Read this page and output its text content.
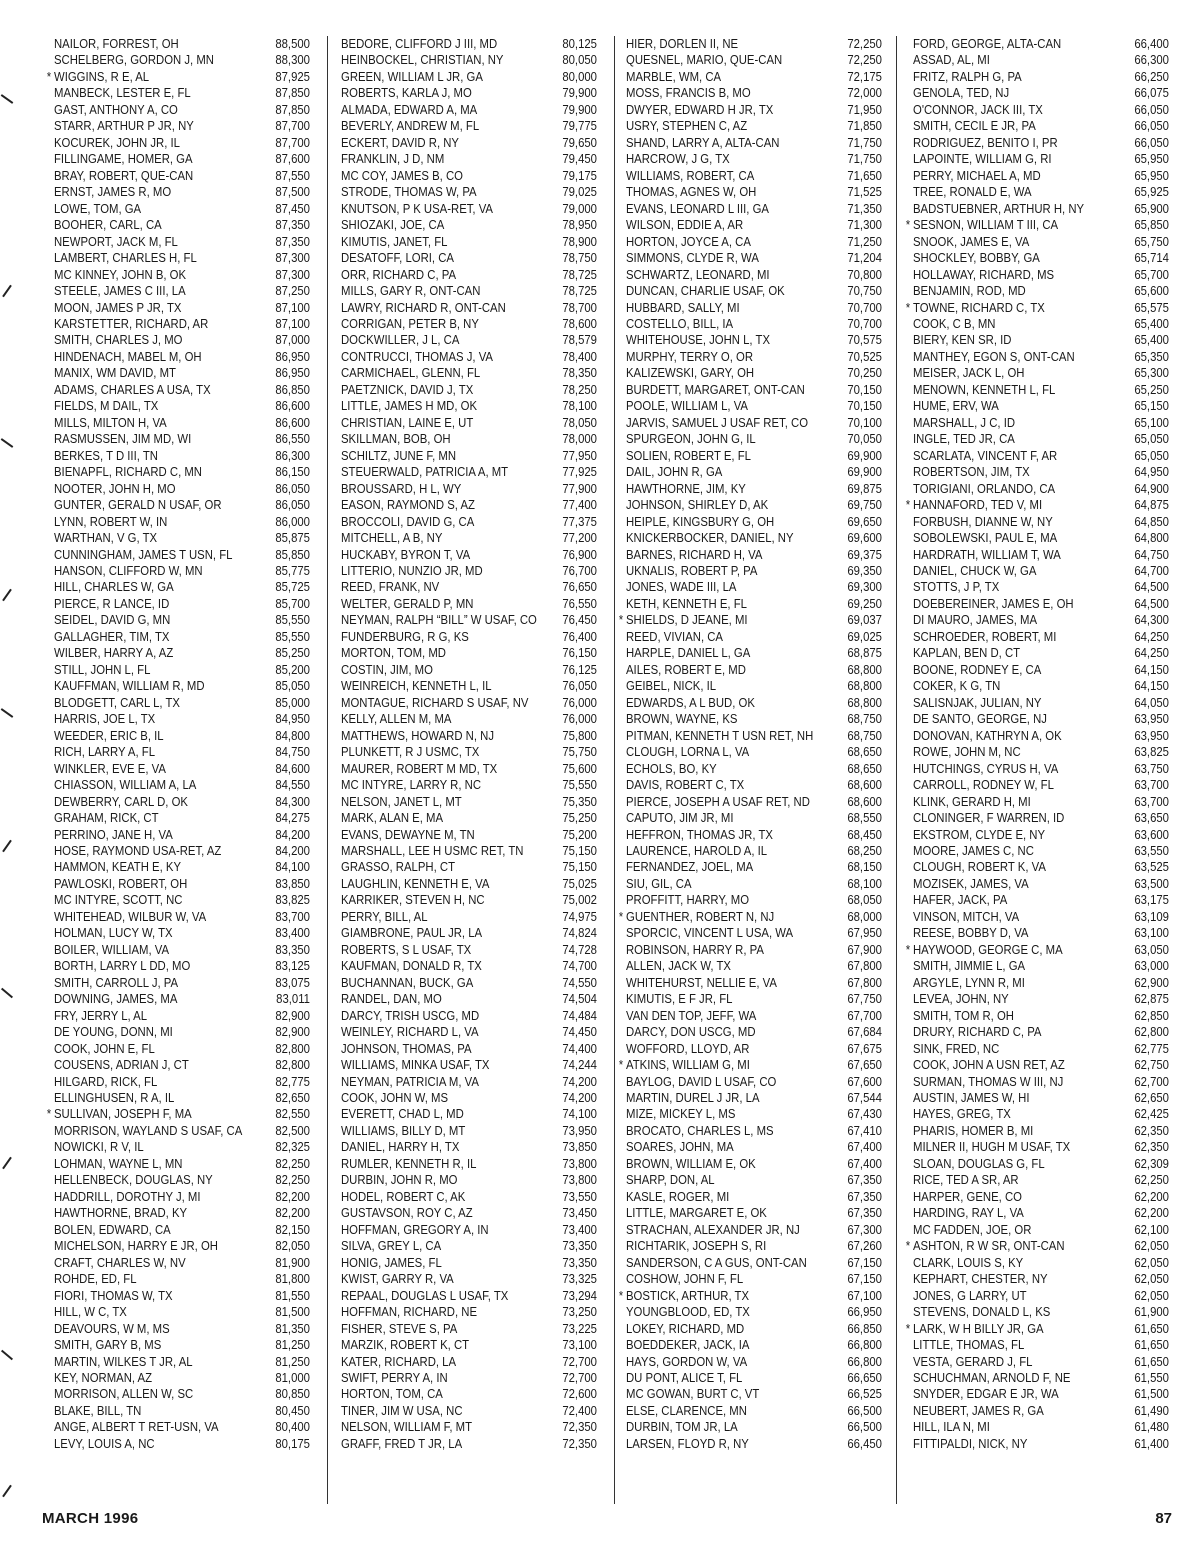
NAILOR, FORREST, OH	88,500
SCHELBERG, GORDON J, MN	88,300
* WIGGINS, R E, AL	87,925
MANBECK, LESTER E, FL	87,850
GAST, ANTHONY A, CO	87,850
STARR, ARTHUR P JR, NY	87,700
KOCUREK, JOHN JR, IL	87,700
FILLINGAME, HOMER, GA	87,600
BRAY, ROBERT, QUE-CAN	87,550
ERNST, JAMES R, MO	87,500
LOWE, TOM, GA	87,450
BOOHER, CARL, CA	87,350
NEWPORT, JACK M, FL	87,350
LAMBERT, CHARLES H, FL	87,300
MC KINNEY, JOHN B, OK	87,300
STEELE, JAMES C III, LA	87,250
MOON, JAMES P JR, TX	87,100
KARSTETTER, RICHARD, AR	87,100
SMITH, CHARLES J, MO	87,000
HINDENACH, MABEL M, OH	86,950
MANIX, WM DAVID, MT	86,950
ADAMS, CHARLES A USA, TX	86,850
FIELDS, M DAIL, TX	86,600
MILLS, MILTON H, VA	86,600
RASMUSSEN, JIM MD, WI	86,550
BERKES, T D III, TN	86,300
BIENAPFL, RICHARD C, MN	86,150
NOOTER, JOHN H, MO	86,050
GUNTER, GERALD N USAF, OR	86,050
LYNN, ROBERT W, IN	86,000
WARTHAN, V G, TX	85,875
CUNNINGHAM, JAMES T USN, FL	85,850
HANSON, CLIFFORD W, MN	85,775
HILL, CHARLES W, GA	85,725
PIERCE, R LANCE, ID	85,700
SEIDEL, DAVID G, MN	85,550
GALLAGHER, TIM, TX	85,550
WILBER, HARRY A, AZ	85,250
STILL, JOHN L, FL	85,200
KAUFFMAN, WILLIAM R, MD	85,050
BLODGETT, CARL L, TX	85,000
HARRIS, JOE L, TX	84,950
WEEDER, ERIC B, IL	84,800
RICH, LARRY A, FL	84,750
WINKLER, EVE E, VA	84,600
CHIASSON, WILLIAM A, LA	84,550
DEWBERRY, CARL D, OK	84,300
GRAHAM, RICK, CT	84,275
PERRINO, JANE H, VA	84,200
HOSE, RAYMOND USA-RET, AZ	84,200
HAMMON, KEATH E, KY	84,100
PAWLOSKI, ROBERT, OH	83,850
MC INTYRE, SCOTT, NC	83,825
WHITEHEAD, WILBUR W, VA	83,700
HOLMAN, LUCY W, TX	83,400
BOILER, WILLIAM, VA	83,350
BORTH, LARRY L DD, MO	83,125
SMITH, CARROLL J, PA	83,075
DOWNING, JAMES, MA	83,011
FRY, JERRY L, AL	82,900
DE YOUNG, DONN, MI	82,900
COOK, JOHN E, FL	82,800
COUSENS, ADRIAN J, CT	82,800
HILGARD, RICK, FL	82,775
ELLINGHUSEN, R A, IL	82,650
* SULLIVAN, JOSEPH F, MA	82,550
MORRISON, WAYLAND S USAF, CA	82,500
NOWICKI, R V, IL	82,325
LOHMAN, WAYNE L, MN	82,250
HELLENBECK, DOUGLAS, NY	82,250
HADDRILL, DOROTHY J, MI	82,200
HAWTHORNE, BRAD, KY	82,200
BOLEN, EDWARD, CA	82,150
MICHELSON, HARRY E JR, OH	82,050
CRAFT, CHARLES W, NV	81,900
ROHDE, ED, FL	81,800
FIORI, THOMAS W, TX	81,550
HILL, W C, TX	81,500
DEAVOURS, W M, MS	81,350
SMITH, GARY B, MS	81,250
MARTIN, WILKES T JR, AL	81,250
KEY, NORMAN, AZ	81,000
MORRISON, ALLEN W, SC	80,850
BLAKE, BILL, TN	80,450
ANGE, ALBERT T RET-USN, VA	80,400
LEVY, LOUIS A, NC	80,175
BEDORE, CLIFFORD J III, MD	80,125
HEINBOCKEL, CHRISTIAN, NY	80,050
GREEN, WILLIAM L JR, GA	80,000
ROBERTS, KARLA J, MO	79,900
ALMADA, EDWARD A, MA	79,900
BEVERLY, ANDREW M, FL	79,775
ECKERT, DAVID R, NY	79,650
FRANKLIN, J D, NM	79,450
MC COY, JAMES B, CO	79,175
STRODE, THOMAS W, PA	79,025
KNUTSON, P K USA-RET, VA	79,000
SHIOZAKI, JOE, CA	78,950
KIMUTIS, JANET, FL	78,900
DESATOFF, LORI, CA	78,750
ORR, RICHARD C, PA	78,725
MILLS, GARY R, ONT-CAN	78,725
LAWRY, RICHARD R, ONT-CAN	78,700
CORRIGAN, PETER B, NY	78,600
DOCKWILLER, J L, CA	78,579
CONTRUCCI, THOMAS J, VA	78,400
CARMICHAEL, GLENN, FL	78,350
PAETZNICK, DAVID J, TX	78,250
LITTLE, JAMES H MD, OK	78,100
CHRISTIAN, LAINE E, UT	78,050
SKILLMAN, BOB, OH	78,000
SCHILTZ, JUNE F, MN	77,950
STEUERWALD, PATRICIA A, MT	77,925
BROUSSARD, H L, WY	77,900
EASON, RAYMOND S, AZ	77,400
BROCCOLI, DAVID G, CA	77,375
MITCHELL, A B, NY	77,200
HUCKABY, BYRON T, VA	76,900
LITTERIO, NUNZIO JR, MD	76,700
REED, FRANK, NV	76,650
WELTER, GERALD P, MN	76,550
NEYMAN, RALPH “BILL” W USAF, CO 76,450
FUNDERBURG, R G, KS	76,400
MORTON, TOM, MD	76,150
COSTIN, JIM, MO	76,125
WEINREICH, KENNETH L, IL	76,050
MONTAGUE, RICHARD S USAF, NV	76,000
KELLY, ALLEN M, MA	76,000
MATTHEWS, HOWARD N, NJ	75,800
PLUNKETT, R J USMC, TX	75,750
MAURER, ROBERT M MD, TX	75,600
MC INTYRE, LARRY R, NC	75,550
NELSON, JANET L, MT	75,350
MARK, ALAN E, MA	75,250
EVANS, DEWAYNE M, TN	75,200
MARSHALL, LEE H USMC RET, TN	75,150
GRASSO, RALPH, CT	75,150
LAUGHLIN, KENNETH E, VA	75,025
KARRIKER, STEVEN H, NC	75,002
PERRY, BILL, AL	74,975
GIAMBRONE, PAUL JR, LA	74,824
ROBERTS, S L USAF, TX	74,728
KAUFMAN, DONALD R, TX	74,700
BUCHANNAN, BUCK, GA	74,550
RANDEL, DAN, MO	74,504
DARCY, TRISH USCG, MD	74,484
WEINLEY, RICHARD L, VA	74,450
JOHNSON, THOMAS, PA	74,400
WILLIAMS, MINKA USAF, TX	74,244
NEYMAN, PATRICIA M, VA	74,200
COOK, JOHN W, MS	74,200
EVERETT, CHAD L, MD	74,100
WILLIAMS, BILLY D, MT	73,950
DANIEL, HARRY H, TX	73,850
RUMLER, KENNETH R, IL	73,800
DURBIN, JOHN R, MO	73,800
HODEL, ROBERT C, AK	73,550
GUSTAVSON, ROY C, AZ	73,450
HOFFMAN, GREGORY A, IN	73,400
SILVA, GREY L, CA	73,350
HONIG, JAMES, FL	73,350
KWIST, GARRY R, VA	73,325
REPAAL, DOUGLAS L USAF, TX	73,294
HOFFMAN, RICHARD, NE	73,250
FISHER, STEVE S, PA	73,225
MARZIK, ROBERT K, CT	73,100
KATER, RICHARD, LA	72,700
SWIFT, PERRY A, IN	72,700
HORTON, TOM, CA	72,600
TINER, JIM W USA, NC	72,400
NELSON, WILLIAM F, MT	72,350
GRAFF, FRED T JR, LA	72,350
HIER, DORLEN II, NE	72,250
QUESNEL, MARIO, QUE-CAN	72,250
MARBLE, WM, CA	72,175
MOSS, FRANCIS B, MO	72,000
DWYER, EDWARD H JR, TX	71,950
USRY, STEPHEN C, AZ	71,850
SHAND, LARRY A, ALTA-CAN	71,750
HARCROW, J G, TX	71,750
WILLIAMS, ROBERT, CA	71,650
THOMAS, AGNES W, OH	71,525
EVANS, LEONARD L III, GA	71,350
WILSON, EDDIE A, AR	71,300
HORTON, JOYCE A, CA	71,250
SIMMONS, CLYDE R, WA	71,204
SCHWARTZ, LEONARD, MI	70,800
DUNCAN, CHARLIE USAF, OK	70,750
HUBBARD, SALLY, MI	70,700
COSTELLO, BILL, IA	70,700
WHITEHOUSE, JOHN L, TX	70,575
MURPHY, TERRY O, OR	70,525
KALIZEWSKI, GARY, OH	70,250
BURDETT, MARGARET, ONT-CAN	70,150
POOLE, WILLIAM L, VA	70,150
JARVIS, SAMUEL J USAF RET, CO	70,100
SPURGEON, JOHN G, IL	70,050
SOLIEN, ROBERT E, FL	69,900
DAIL, JOHN R, GA	69,900
HAWTHORNE, JIM, KY	69,875
JOHNSON, SHIRLEY D, AK	69,750
HEIPLE, KINGSBURY G, OH	69,650
KNICKERBOCKER, DANIEL, NY	69,600
BARNES, RICHARD H, VA	69,375
UKNALIS, ROBERT P, PA	69,350
JONES, WADE III, LA	69,300
KETH, KENNETH E, FL	69,250
* SHIELDS, D JEANE, MI	69,037
REED, VIVIAN, CA	69,025
HARPLE, DANIEL L, GA	68,875
AILES, ROBERT E, MD	68,800
GEIBEL, NICK, IL	68,800
EDWARDS, A L BUD, OK	68,800
BROWN, WAYNE, KS	68,750
PITMAN, KENNETH T USN RET, NH	68,750
CLOUGH, LORNA L, VA	68,650
ECHOLS, BO, KY	68,650
DAVIS, ROBERT C, TX	68,600
PIERCE, JOSEPH A USAF RET, ND	68,600
CAPUTO, JIM JR, MI	68,550
HEFFRON, THOMAS JR, TX	68,450
LAURENCE, HAROLD A, IL	68,250
FERNANDEZ, JOEL, MA	68,150
SIU, GIL, CA	68,100
PROFFITT, HARRY, MO	68,050
* GUENTHER, ROBERT N, NJ	68,000
SPORCIC, VINCENT L USA, WA	67,950
ROBINSON, HARRY R, PA	67,900
ALLEN, JACK W, TX	67,800
WHITEHURST, NELLIE E, VA	67,800
KIMUTIS, E F JR, FL	67,750
VAN DEN TOP, JEFF, WA	67,700
DARCY, DON USCG, MD	67,684
WOFFORD, LLOYD, AR	67,675
* ATKINS, WILLIAM G, MI	67,650
BAYLOG, DAVID L USAF, CO	67,600
MARTIN, DUREL J JR, LA	67,544
MIZE, MICKEY L, MS	67,430
BROCATO, CHARLES L, MS	67,410
SOARES, JOHN, MA	67,400
BROWN, WILLIAM E, OK	67,400
SHARP, DON, AL	67,350
KASLE, ROGER, MI	67,350
LITTLE, MARGARET E, OK	67,350
STRACHAN, ALEXANDER JR, NJ	67,300
RICHTARIK, JOSEPH S, RI	67,260
SANDERSON, C A GUS, ONT-CAN	67,150
COSHOW, JOHN F, FL	67,150
* BOSTICK, ARTHUR, TX	67,100
YOUNGBLOOD, ED, TX	66,950
LOKEY, RICHARD, MD	66,850
BOEDDEKER, JACK, IA	66,800
HAYS, GORDON W, VA	66,800
DU PONT, ALICE T, FL	66,650
MC GOWAN, BURT C, VT	66,525
ELSE, CLARENCE, MN	66,500
DURBIN, TOM JR, LA	66,500
LARSEN, FLOYD R, NY	66,450
FORD, GEORGE, ALTA-CAN	66,400
ASSAD, AL, MI	66,300
FRITZ, RALPH G, PA	66,250
GENOLA, TED, NJ	66,075
O'CONNOR, JACK III, TX	66,050
SMITH, CECIL E JR, PA	66,050
RODRIGUEZ, BENITO I, PR	66,050
LAPOINTE, WILLIAM G, RI	65,950
PERRY, MICHAEL A, MD	65,950
TREE, RONALD E, WA	65,925
BADSTUEBNER, ARTHUR H, NY	65,900
* SESNON, WILLIAM T III, CA	65,850
SNOOK, JAMES E, VA	65,750
SHOCKLEY, BOBBY, GA	65,714
HOLLAWAY, RICHARD, MS	65,700
BENJAMIN, ROD, MD	65,600
* TOWNE, RICHARD C, TX	65,575
COOK, C B, MN	65,400
BIERY, KEN SR, ID	65,400
MANTHEY, EGON S, ONT-CAN	65,350
MEISER, JACK L, OH	65,300
MENOWN, KENNETH L, FL	65,250
HUME, ERV, WA	65,150
MARSHALL, J C, ID	65,100
INGLE, TED JR, CA	65,050
SCARLATA, VINCENT F, AR	65,050
ROBERTSON, JIM, TX	64,950
TORIGIANI, ORLANDO, CA	64,900
* HANNAFORD, TED V, MI	64,875
FORBUSH, DIANNE W, NY	64,850
SOBOLEWSKI, PAUL E, MA	64,800
HARDRATH, WILLIAM T, WA	64,750
DANIEL, CHUCK W, GA	64,700
STOTTS, J P, TX	64,500
DOEBEREINER, JAMES E, OH	64,500
DI MAURO, JAMES, MA	64,300
SCHROEDER, ROBERT, MI	64,250
KAPLAN, BEN D, CT	64,250
BOONE, RODNEY E, CA	64,150
COKER, K G, TN	64,150
SALISNJAK, JULIAN, NY	64,050
DE SANTO, GEORGE, NJ	63,950
DONOVAN, KATHRYN A, OK	63,950
ROWE, JOHN M, NC	63,825
HUTCHINGS, CYRUS H, VA	63,750
CARROLL, RODNEY W, FL	63,700
KLINK, GERARD H, MI	63,700
CLONINGER, F WARREN, ID	63,650
EKSTROM, CLYDE E, NY	63,600
MOORE, JAMES C, NC	63,550
CLOUGH, ROBERT K, VA	63,525
MOZISEK, JAMES, VA	63,500
HAFER, JACK, PA	63,175
VINSON, MITCH, VA	63,109
REESE, BOBBY D, VA	63,100
* HAYWOOD, GEORGE C, MA	63,050
SMITH, JIMMIE L, GA	63,000
ARGYLE, LYNN R, MI	62,900
LEVEA, JOHN, NY	62,875
SMITH, TOM R, OH	62,850
DRURY, RICHARD C, PA	62,800
SINK, FRED, NC	62,775
COOK, JOHN A USN RET, AZ	62,750
SURMAN, THOMAS W III, NJ	62,700
AUSTIN, JAMES W, HI	62,650
HAYES, GREG, TX	62,425
PHARIS, HOMER B, MI	62,350
MILNER II, HUGH M USAF, TX	62,350
SLOAN, DOUGLAS G, FL	62,309
RICE, TED A SR, AR	62,250
HARPER, GENE, CO	62,200
HARDING, RAY L, VA	62,200
MC FADDEN, JOE, OR	62,100
* ASHTON, R W SR, ONT-CAN	62,050
CLARK, LOUIS S, KY	62,050
KEPHART, CHESTER, NY	62,050
JONES, G LARRY, UT	62,050
STEVENS, DONALD L, KS	61,900
* LARK, W H BILLY JR, GA	61,650
LITTLE, THOMAS, FL	61,650
VESTA, GERARD J, FL	61,650
SCHUCHMAN, ARNOLD F, NE	61,550
SNYDER, EDGAR E JR, WA	61,500
NEUBERT, JAMES R, GA	61,490
HILL, ILA N, MI	61,480
FITTIPALDI, NICK, NY	61,400
MARCH 1996	87
